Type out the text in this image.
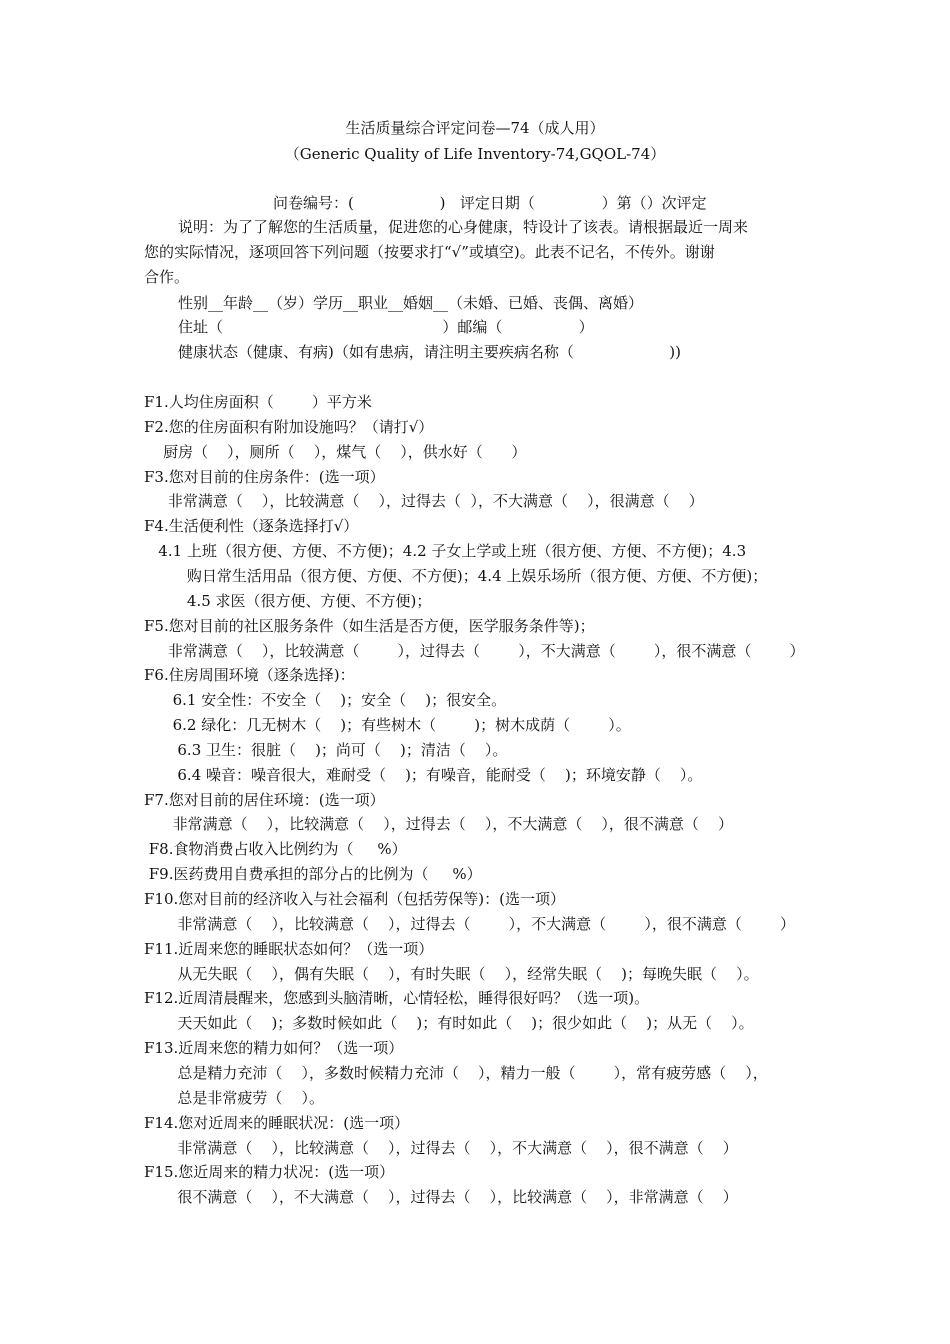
生活质量综合评定问卷—74（成人用）
（Generic Quality of Life Inventory-74,GQOL-74）
问卷编号：(                  )   评定日期（              ）第（）次评定
说明：为了了解您的生活质量，促进您的心身健康，特设计了该表。请根据最近一周来
您的实际情况，逐项回答下列问题（按要求打“√”或填空)。此表不记名，不传外。谢谢
合作。
性别__年龄__（岁）学历__职业__婚姻__（未婚、已婚、丧偶、离婚）
住址（                                              ）邮编（                ）
健康状态（健康、有病)（如有患病，请注明主要疾病名称（                    ))
F1.人均住房面积（        ）平方米
F2.您的住房面积有附加设施吗？（请打√）
厨房（    ），厕所（    ），煤气（    ），供水好（      ）
F3.您对目前的住房条件：(选一项）
非常满意（    ），比较满意（    ），过得去（  ），不大满意（    ），很满意（    ）
F4.生活便利性（逐条选择打√）
4.1 上班（很方便、方便、不方便)；4.2 子女上学或上班（很方便、方便、不方便)；4.3
购日常生活用品（很方便、方便、不方便)；4.4 上娱乐场所（很方便、方便、不方便)；
4.5 求医（很方便、方便、不方便)；
F5.您对目前的社区服务条件（如生活是否方便，医学服务条件等)；
非常满意（    ），比较满意（        ），过得去（        ），不大满意（        ），很不满意（        ）
F6.住房周围环境（逐条选择)：
6.1 安全性：不安全（    )；安全（    )；很安全。
6.2 绿化：几无树木（    )；有些树木（        )；树木成荫（        ）。
6.3 卫生：很脏（    )；尚可（    )；清洁（    ）。
6.4 噪音：噪音很大，难耐受（    )；有噪音，能耐受（    )；环境安静（    ）。
F7.您对目前的居住环境：(选一项）
非常满意（    ），比较满意（    ），过得去（    ），不大满意（    ），很不满意（    ）
F8.食物消费占收入比例约为（     %）
F9.医药费用自费承担的部分占的比例为（     %）
F10.您对目前的经济收入与社会福利（包括劳保等)：(选一项）
非常满意（    ），比较满意（    ），过得去（        ），不大满意（        ），很不满意（        ）
F11.近周来您的睡眠状态如何？（选一项）
从无失眠（    ），偶有失眠（    ），有时失眠（    ），经常失眠（    )；每晚失眠（    ）。
F12.近周清晨醒来，您感到头脑清晰，心情轻松，睡得很好吗？（选一项)。
天天如此（    )；多数时候如此（    )；有时如此（    )；很少如此（    )；从无（    ）。
F13.近周来您的精力如何？（选一项）
总是精力充沛（    ），多数时候精力充沛（    ），精力一般（        ），常有疲劳感（    ），
总是非常疲劳（    ）。
F14.您对近周来的睡眠状况：(选一项）
非常满意（    ），比较满意（    ），过得去（    ），不大满意（    ），很不满意（    ）
F15.您近周来的精力状况：(选一项）
很不满意（    ），不大满意（    ），过得去（    ），比较满意（    ），非常满意（    ）
